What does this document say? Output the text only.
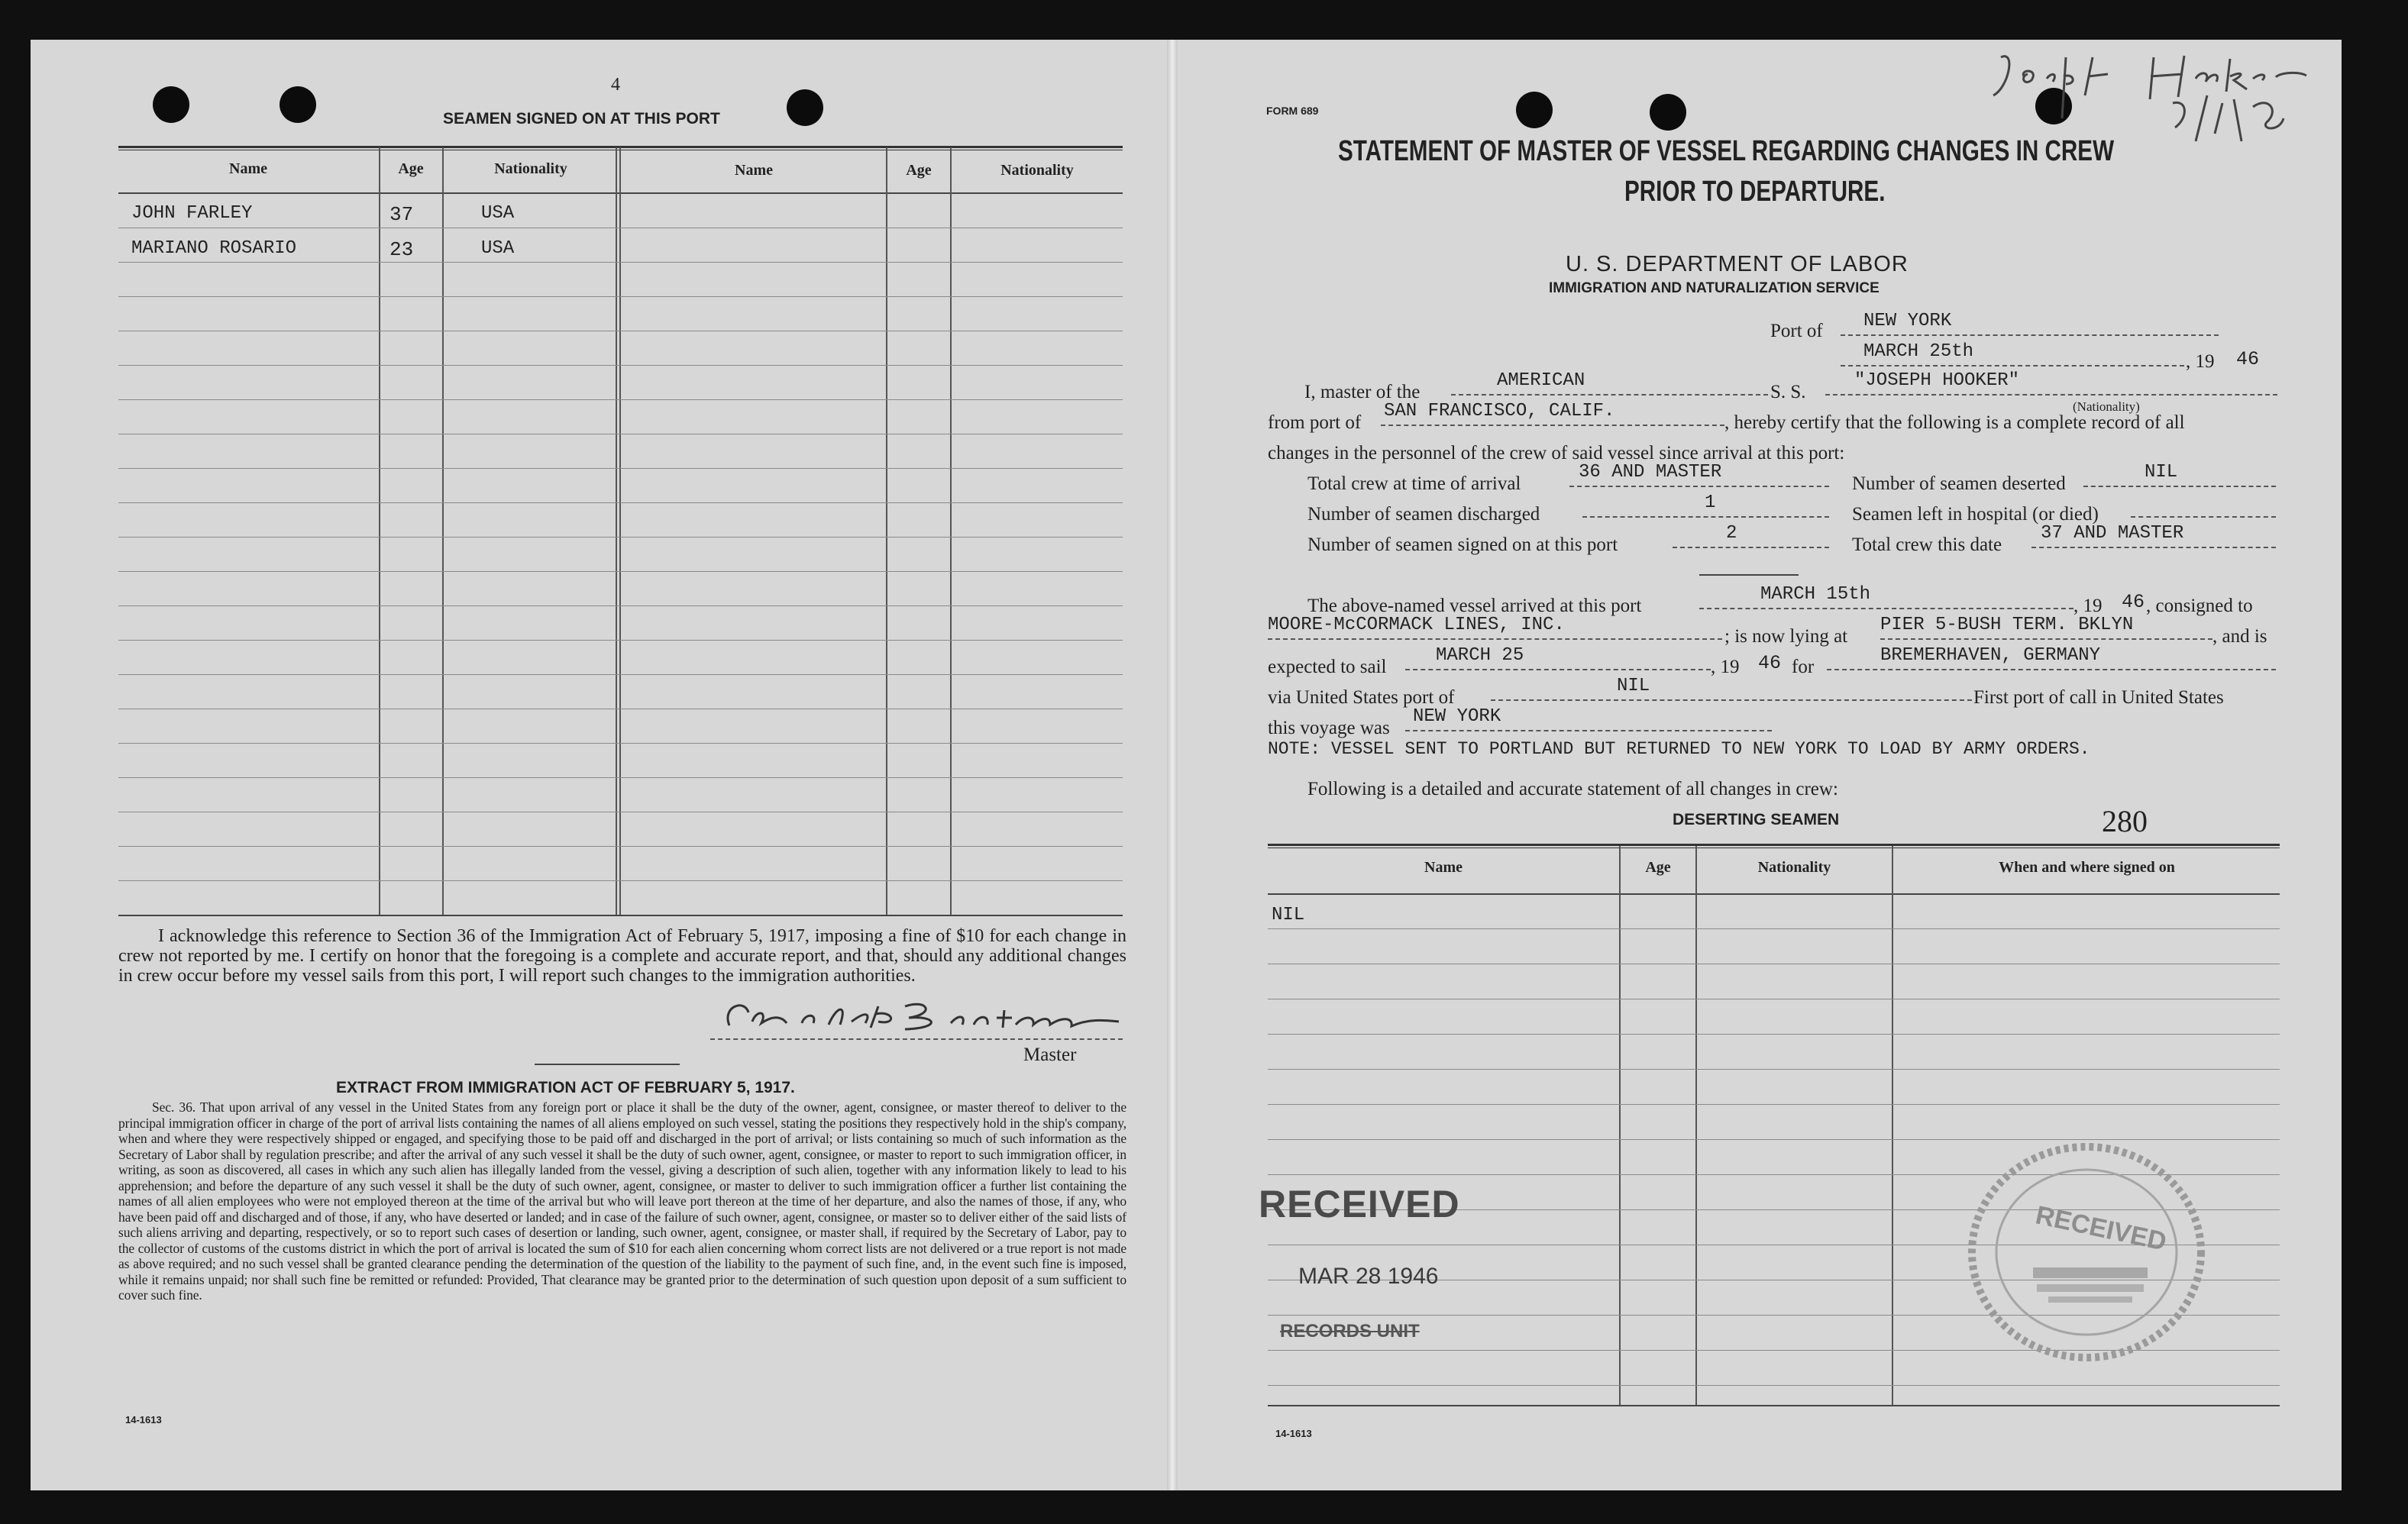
4
SEAMEN SIGNED ON AT THIS PORT
Name	Age	Nationality	Name	Age	Nationality
JOHN FARLEY	37	USA
MARIANO ROSARIO	23	USA
I acknowledge this reference to Section 36 of the Immigration Act of February 5, 1917, imposing a fine of $10 for each change in crew not reported by me. I certify on honor that the foregoing is a complete and accurate report, and that, should any additional changes in crew occur before my vessel sails from this port, I will report such changes to the immigration authorities.
Master
EXTRACT FROM IMMIGRATION ACT OF FEBRUARY 5, 1917.
Sec. 36. That upon arrival of any vessel in the United States from any foreign port or place it shall be the duty of the owner, agent, consignee, or master thereof to deliver to the principal immigration officer in charge of the port of arrival lists containing the names of all aliens employed on such vessel, stating the positions they respectively hold in the ship's company, when and where they were respectively shipped or engaged, and specifying those to be paid off and discharged in the port of arrival; or lists containing so much of such information as the Secretary of Labor shall by regulation prescribe; and after the arrival of any such vessel it shall be the duty of such owner, agent, consignee, or master to report to such immigration officer, in writing, as soon as discovered, all cases in which any such alien has illegally landed from the vessel, giving a description of such alien, together with any information likely to lead to his apprehension; and before the departure of any such vessel it shall be the duty of such owner, agent, consignee, or master to deliver to such immigration officer a further list containing the names of all alien employees who were not employed thereon at the time of the arrival but who will leave port thereon at the time of her departure, and also the names of those, if any, who have been paid off and discharged and of those, if any, who have deserted or landed; and in case of the failure of such owner, agent, consignee, or master so to deliver either of the said lists of such aliens arriving and departing, respectively, or so to report such cases of desertion or landing, such owner, agent, consignee, or master shall, if required by the Secretary of Labor, pay to the collector of customs of the customs district in which the port of arrival is located the sum of $10 for each alien concerning whom correct lists are not delivered or a true report is not made as above required; and no such vessel shall be granted clearance pending the determination of the question of the liability to the payment of such fine, and, in the event such fine is imposed, while it remains unpaid; nor shall such fine be remitted or refunded: Provided, That clearance may be granted prior to the determination of such question upon deposit of a sum sufficient to cover such fine.
14-1613
FORM 689
STATEMENT OF MASTER OF VESSEL REGARDING CHANGES IN CREW
PRIOR TO DEPARTURE.
U. S. DEPARTMENT OF LABOR
IMMIGRATION AND NATURALIZATION SERVICE
Port of NEW YORK
MARCH 25th	, 19 46
I, master of the
AMERICAN
S. S.
"JOSEPH HOOKER"
(Nationality)
from port of
SAN FRANCISCO, CALIF.
, hereby certify that the following is a complete record of all
changes in the personnel of the crew of said vessel since arrival at this port:
Total crew at time of arrival
36 AND MASTER
Number of seamen deserted
NIL
Number of seamen discharged
1
Seamen left in hospital (or died)
Number of seamen signed on at this port
2
Total crew this date
37 AND MASTER
The above-named vessel arrived at this port
MARCH 15th
, 19 46 , consigned to
MOORE-McCORMACK LINES, INC.
; is now lying at
PIER 5-BUSH TERM. BKLYN
, and is
expected to sail
MARCH 25
, 19 46 for
BREMERHAVEN, GERMANY
via United States port of
NIL
First port of call in United States
this voyage was
NEW YORK
NOTE: VESSEL SENT TO PORTLAND BUT RETURNED TO NEW YORK TO LOAD BY ARMY ORDERS.
Following is a detailed and accurate statement of all changes in crew:
DESERTING SEAMEN	280
Name	Age	Nationality	When and where signed on
NIL
RECEIVED
MAR 28 1946
RECORDS UNIT
RECEIVED
14-1613
